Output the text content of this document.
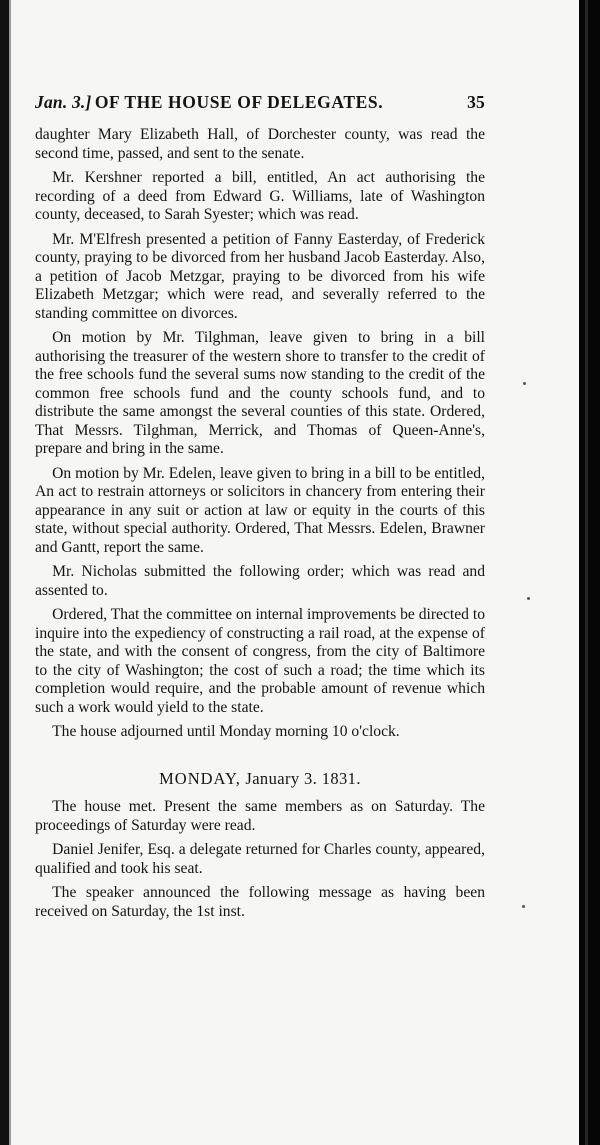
Jan. 3.] OF THE HOUSE OF DELEGATES.	35

daughter Mary Elizabeth Hall, of Dorchester county, was read the second time, passed, and sent to the senate.

Mr. Kershner reported a bill, entitled, An act authorising the recording of a deed from Edward G. Williams, late of Washington county, deceased, to Sarah Syester; which was read.

Mr. M'Elfresh presented a petition of Fanny Easterday, of Frederick county, praying to be divorced from her husband Jacob Easterday. Also, a petition of Jacob Metzgar, praying to be divorced from his wife Elizabeth Metzgar; which were read, and severally referred to the standing committee on divorces.

On motion by Mr. Tilghman, leave given to bring in a bill authorising the treasurer of the western shore to transfer to the credit of the free schools fund the several sums now standing to the credit of the common free schools fund and the county schools fund, and to distribute the same amongst the several counties of this state. Ordered, That Messrs. Tilghman, Merrick, and Thomas of Queen-Anne's, prepare and bring in the same.

On motion by Mr. Edelen, leave given to bring in a bill to be entitled, An act to restrain attorneys or solicitors in chancery from entering their appearance in any suit or action at law or equity in the courts of this state, without special authority. Ordered, That Messrs. Edelen, Brawner and Gantt, report the same.

Mr. Nicholas submitted the following order; which was read and assented to.

Ordered, That the committee on internal improvements be directed to inquire into the expediency of constructing a rail road, at the expense of the state, and with the consent of congress, from the city of Baltimore to the city of Washington; the cost of such a road; the time which its completion would require, and the probable amount of revenue which such a work would yield to the state.

The house adjourned until Monday morning 10 o'clock.

MONDAY, January 3. 1831.

The house met. Present the same members as on Saturday. The proceedings of Saturday were read.

Daniel Jenifer, Esq. a delegate returned for Charles county, appeared, qualified and took his seat.

The speaker announced the following message as having been received on Saturday, the 1st inst.
